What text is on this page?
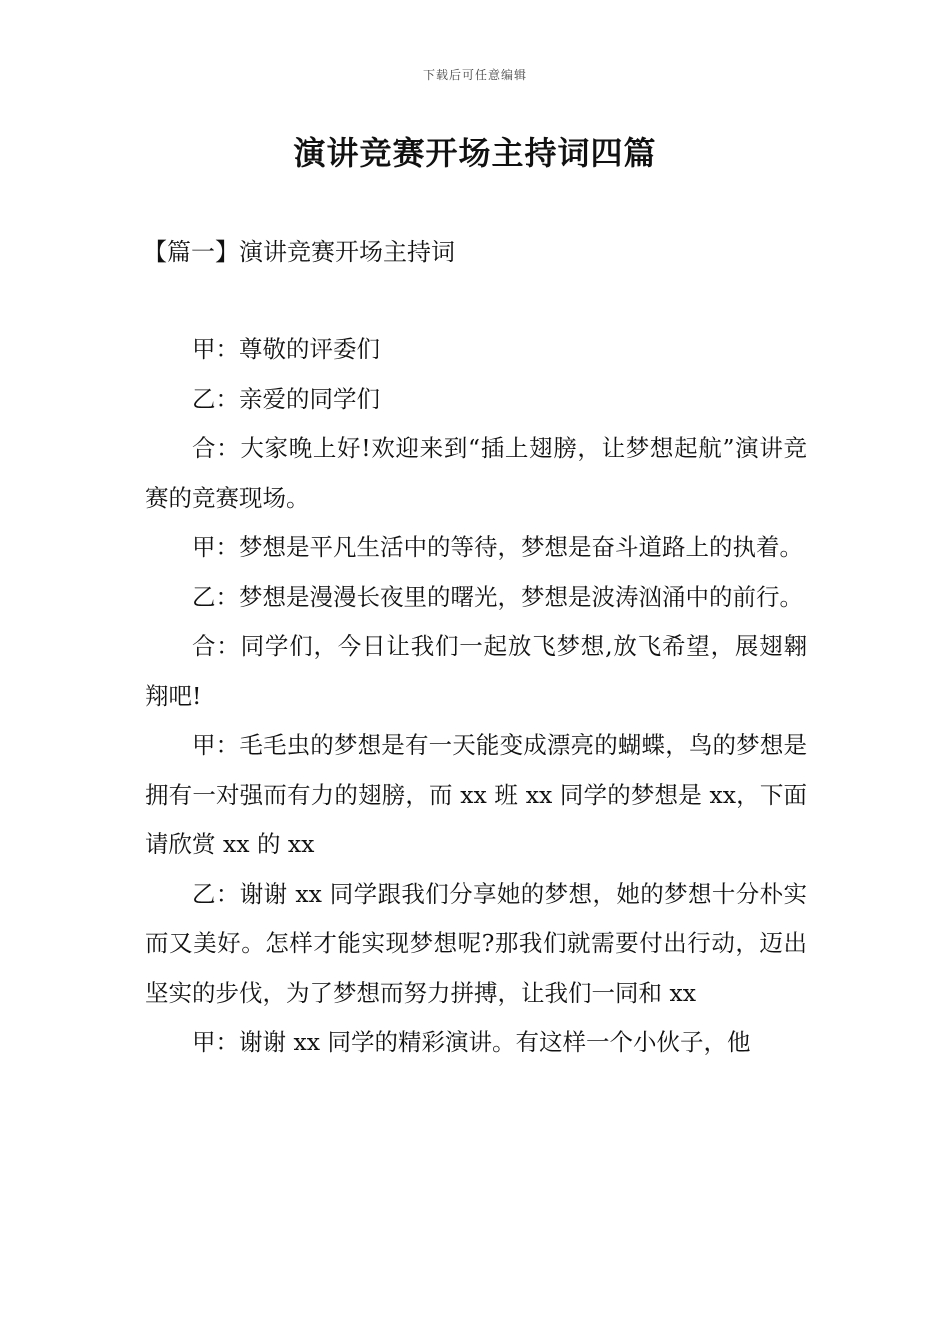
下载后可任意编辑
演讲竞赛开场主持词四篇
【篇一】演讲竞赛开场主持词

甲：尊敬的评委们

乙：亲爱的同学们

合：大家晚上好!欢迎来到“插上翅膀，让梦想起航”演讲竞赛的竞赛现场。

甲：梦想是平凡生活中的等待，梦想是奋斗道路上的执着。

乙：梦想是漫漫长夜里的曙光，梦想是波涛汹涌中的前行。

合：同学们，今日让我们一起放飞梦想,放飞希望，展翅翱翔吧!

甲：毛毛虫的梦想是有一天能变成漂亮的蝴蝶，鸟的梦想是拥有一对强而有力的翅膀，而 xx 班 xx 同学的梦想是 xx，下面请欣赏 xx 的 xx

乙：谢谢 xx 同学跟我们分享她的梦想，她的梦想十分朴实而又美好。怎样才能实现梦想呢?那我们就需要付出行动，迈出坚实的步伐，为了梦想而努力拼搏，让我们一同和 xx

甲：谢谢 xx 同学的精彩演讲。有这样一个小伙子，他
